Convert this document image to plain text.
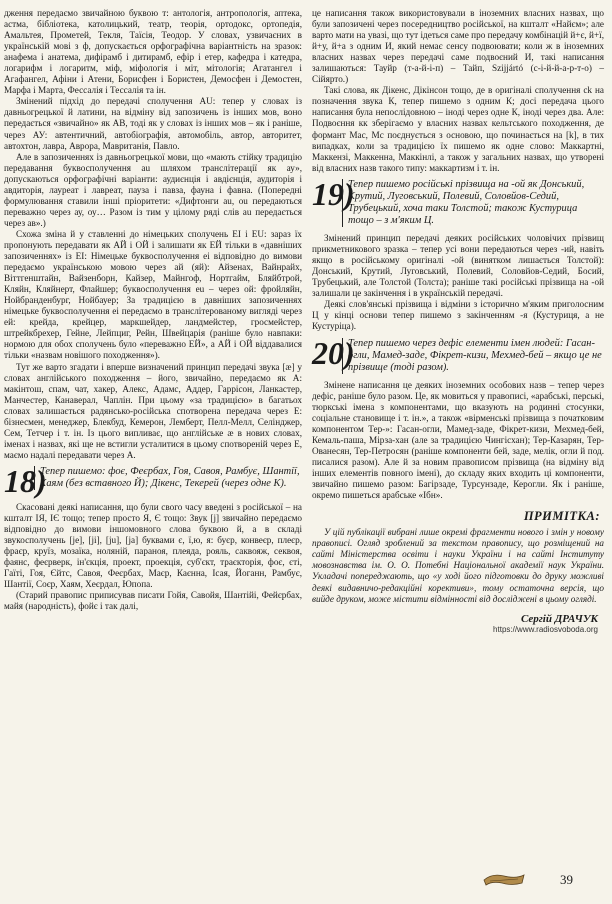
дження передаємо звичайною буквою т: антологія, антропологія, аптека, астма, бібліотека, католицький, театр, теорія, ортодокс, ортопедія, Амальтея, Прометей, Текля, Таїсія, Теодор. У словах, узвичаєних в українській мові з ф, допускається орфографічна варіантність на зразок: анафема і анатема, дифірамб і дитирамб, ефір і етер, кафедра і катедра, логарифм і логаритм, міф, міфологія і міт, мітологія; Агатангел і Агафангел, Афіни і Атени, Борисфен і Бористен, Демосфен і Демостен, Марфа і Марта, Фессалія і Тессалія та ін.

Змінений підхід до передачі сполучення AU: тепер у словах із давньогрецької й латини, на відміну від запозичень із інших мов, воно передається «звичайно» як АВ, тоді як у словах із інших мов – як і раніше, через АУ: автентичний, автобіографія, автомобіль, автор, авторитет, автохтон, лавра, Аврора, Мавританія, Павло.

Але в запозиченнях із давньогрецької мови, що «мають стійку традицію передавання буквосполучення au шляхом транслітерації як ау», допускаються орфографічні варіанти: аудиєнція і авдієнція, аудиторія і авдиторія, лауреат і лавреат, пауза і павза, фауна і фавна. (Попередні формулювання ставили інші пріоритети: «Дифтонги au, ou передаються переважно через ау, оу… Разом із тим у цілому ряді слів au передається через ав».)

Схожа зміна й у ставленні до німецьких сполучень EI і EU: зараз їх пропонують передавати як АЙ і ОЙ і залишати як ЕЙ тільки в «давніших запозиченнях» із EI: Німецьке буквосполучення ei відповідно до вимови передаємо українською мовою через ай (яй): Айзенах, Вайнрайх, Віттгенштайн, Вайзенборн, Кайзер, Майнгоф, Нортгайм, Бляйбтрой, Кляйн, Кляйнерт, Флайшер; буквосполучення eu – через ой: фройляйн, Нойбранденбург, Нойбауер; За традицією в давніших запозиченнях німецьке буквосполучення ei передаємо в транслітерованому вигляді через ей: крейда, крейцер, маркшейдер, ландмейстер, гросмейстер, штрейкбрехер, Гейне, Лейпциг, Рейн, Швейцарія (раніше було навпаки: нормою для обох сполучень було «переважно ЕЙ», а АЙ і ОЙ віддавалися тільки «назвам новішого походження»).

Тут же варто згадати і вперше визначений принцип передачі звука [æ] у словах англійського походження – його, звичайно, передаємо як А: макінтош, спам, чат, хакер, Алекс, Адамс, Аддер, Гаррісон, Ланкастер, Манчестер, Канаверал, Чаплін. При цьому «за традицією» в багатьох словах залишається радянсько-російська спотворена передача через Е: бізнесмен, менеджер, Блекбуд, Кемерон, Лемберт, Пелл-Мелл, Селінджер, Сем, Тетчер і т. ін. Із цього випливає, що англійське æ в нових словах, іменах і назвах, які ще не встигли усталитися в цьому спотвореній через Е, маємо надалі передавати через А.

18)
Тепер пишемо: фоє, Феєрбах, Гоя, Савоя, Рамбує, Шантії, Хаям (без вставного Й); Дікенс, Текерей (через одне К).

Скасовані деякі написання, що були свого часу введені з російської – на кшталт ІЯ, ІЄ тощо; тепер просто Я, Є тощо: Звук [j] звичайно передаємо відповідно до вимови іншомовного слова буквою й, а в складі звукосполучень [je], [ji], [ju], [ja] буквами є, ї,ю, я: буєр, конвеєр, плеєр, фраєр, круїз, мозаїка, ноляній, параноя, плеяда, рояль, саквояж, секвоя, фаянс, феєрверк, ін'єкція, проект, проекція, суб'єкт, траєкторія, фоє, єті, Гаїті, Гоя, Єйтс, Савоя, Феєрбах, Маєр, Каєнна, Ісая, Йоганн, Рамбує, Шантії, Соєр, Хаям, Хеєрдал, Юпопа.

(Старий правопис приписував писати Гойя, Савойя, Шантійі, Фейєрбах, майя (народність), фойє і так далі,

це написання також використовували в іноземних власних назвах, що були запозичені через посередництво російської, на кшталт «Найєм»; але варто мати на увазі, що тут ідеться саме про передачу комбінацій й+є, й+ї, й+у, й+а з одним И, який немає сенсу подвоювати; коли ж в іноземних власних назвах через передачі саме подвоєний И, такі написання залишаються: Тауйр (т-а-й-і-п) – Тайп, Szijjártó (с-і-й-й-а-р-т-о) – Сійярто.)

Такі слова, як Дікенс, Дікінсон тощо, де в оригіналі сполучення ck на позначення звука К, тепер пишемо з одним К; досі передача цього написання була непослідовною – іноді через одне К, іноді через два. Але: Подвоєння кк зберігаємо у власних назвах кельтського походження, де формант Мас, Мс поєднується з основою, що починається на [k], в тих випадках, коли за традицією їх пишемо як одне слово: Маккартні, Маккензі, Маккенна, Маккінлі, а також у загальних назвах, що утворені від власних назв такого типу: маккартизм і т. ін.

19)
Тепер пишемо російські прізвища на -ой як Донський, Крутий, Луговський, Полевий, Соловйов-Седий, Трубецький, хоча таки Толстой; також Кустурица тощо – з м'яким Ц.

Змінений принцип передачі деяких російських чоловічих прізвищ прикметникового зразка – тепер усі вони передаються через -ий, навіть якщо в російському оригіналі -ой (винятком лишається Толстой): Донський, Крутий, Луговський, Полевий, Соловйов-Седий, Босий, Трубецький, але Толстой (Толста); раніше такі російські прізвища на -ой залишали це закінчення і в українській передачі.

Деякі слов'янські прізвища і відміни з історично м'яким приголосним Ц у кінці основи тепер пишемо з закінченням -я (Кустуриця, а не Кустуріца).

20)
Тепер пишемо через дефіс елементи імен людей: Гасан-огли, Мамед-заде, Фікрет-кизи, Мехмед-бей – якщо це не прізвище (тоді разом).

Змінене написання це деяких іноземних особових назв – тепер через дефіс, раніше було разом. Це, як мовиться у правописі, «арабські, перські, тюркські імена з компонентами, що вказують на родинні стосунки, соціальне становище і т. ін.», а також «вірменські прізвища з початковим компонентом Тер-»: Гасан-огли, Мамед-заде, Фікрет-кизи, Мехмед-бей, Кемаль-паша, Мірза-хан (але за традицією Чингісхан); Тер-Казарян, Тер-Ованесян, Тер-Петросян (раніше компоненти бей, заде, мелік, огли й под. писалися разом). Але й за новим правописом прізвища (на відміну від інших елементів повного імені), до складу яких входить ці компоненти, звичайно пишемо разом: Багірзаде, Турсунзаде, Керогли. Як і раніше, окремо пишеться арабське «Ібн».

ПРИМІТКА:

У цій публікації вибрані лише окремі фрагменти нового і змін у новому правописі. Огляд зроблений за текстом правопису, що розміщений на сайті Міністерства освіти і науки України і на сайті Інституту мовознавства ім. О. О. Потебні Національної академії наук України. Укладачі попереджають, що «у ході його підготовки до друку можливі деякі видавничо-редакційні корективи», тому остаточна версія, що вийде друком, може містити відмінності від досліджені в цьому огляді.

Сергій ДРАЧУК
https://www.radiosvoboda.org
39
